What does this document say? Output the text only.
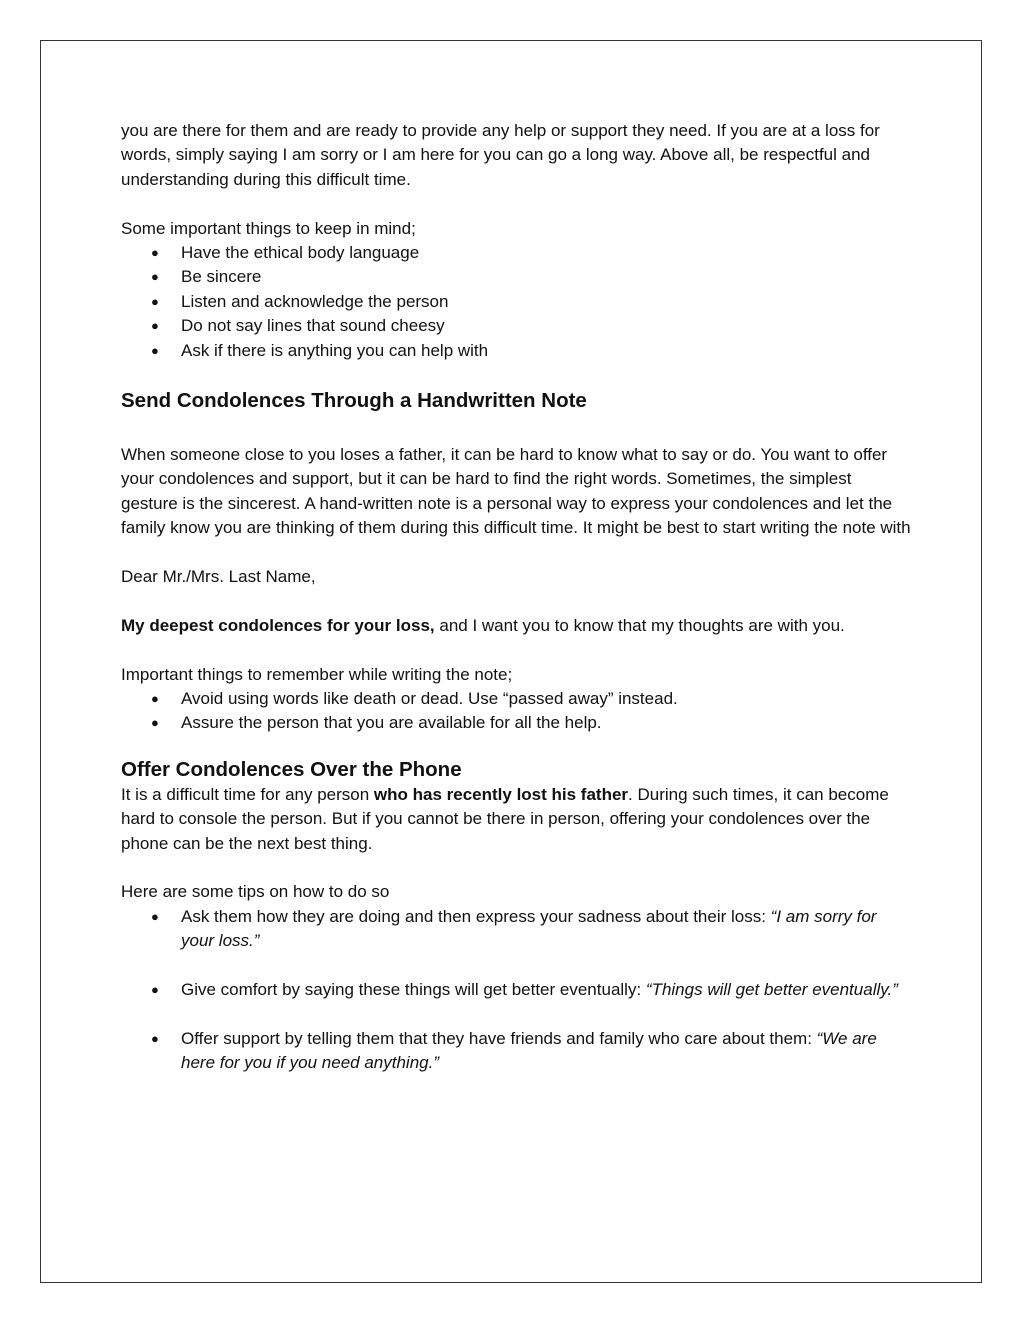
you are there for them and are ready to provide any help or support they need. If you are at a loss for words, simply saying I am sorry or I am here for you can go a long way. Above all, be respectful and understanding during this difficult time.

Some important things to keep in mind;

● Have the ethical body language
● Be sincere
● Listen and acknowledge the person
● Do not say lines that sound cheesy
● Ask if there is anything you can help with
Send Condolences Through a Handwritten Note

When someone close to you loses a father, it can be hard to know what to say or do. You want to offer your condolences and support, but it can be hard to find the right words. Sometimes, the simplest gesture is the sincerest. A hand-written note is a personal way to express your condolences and let the family know you are thinking of them during this difficult time. It might be best to start writing the note with

Dear Mr./Mrs. Last Name,

My deepest condolences for your loss, and I want you to know that my thoughts are with you.

Important things to remember while writing the note;

● Avoid using words like death or dead. Use “passed away” instead.
● Assure the person that you are available for all the help.
Offer Condolences Over the Phone

It is a difficult time for any person who has recently lost his father. During such times, it can become hard to console the person. But if you cannot be there in person, offering your condolences over the phone can be the next best thing.

Here are some tips on how to do so

● Ask them how they are doing and then express your sadness about their loss: “I am sorry for your loss.”
● Give comfort by saying these things will get better eventually: “Things will get better eventually.”
● Offer support by telling them that they have friends and family who care about them: “We are here for you if you need anything.”
